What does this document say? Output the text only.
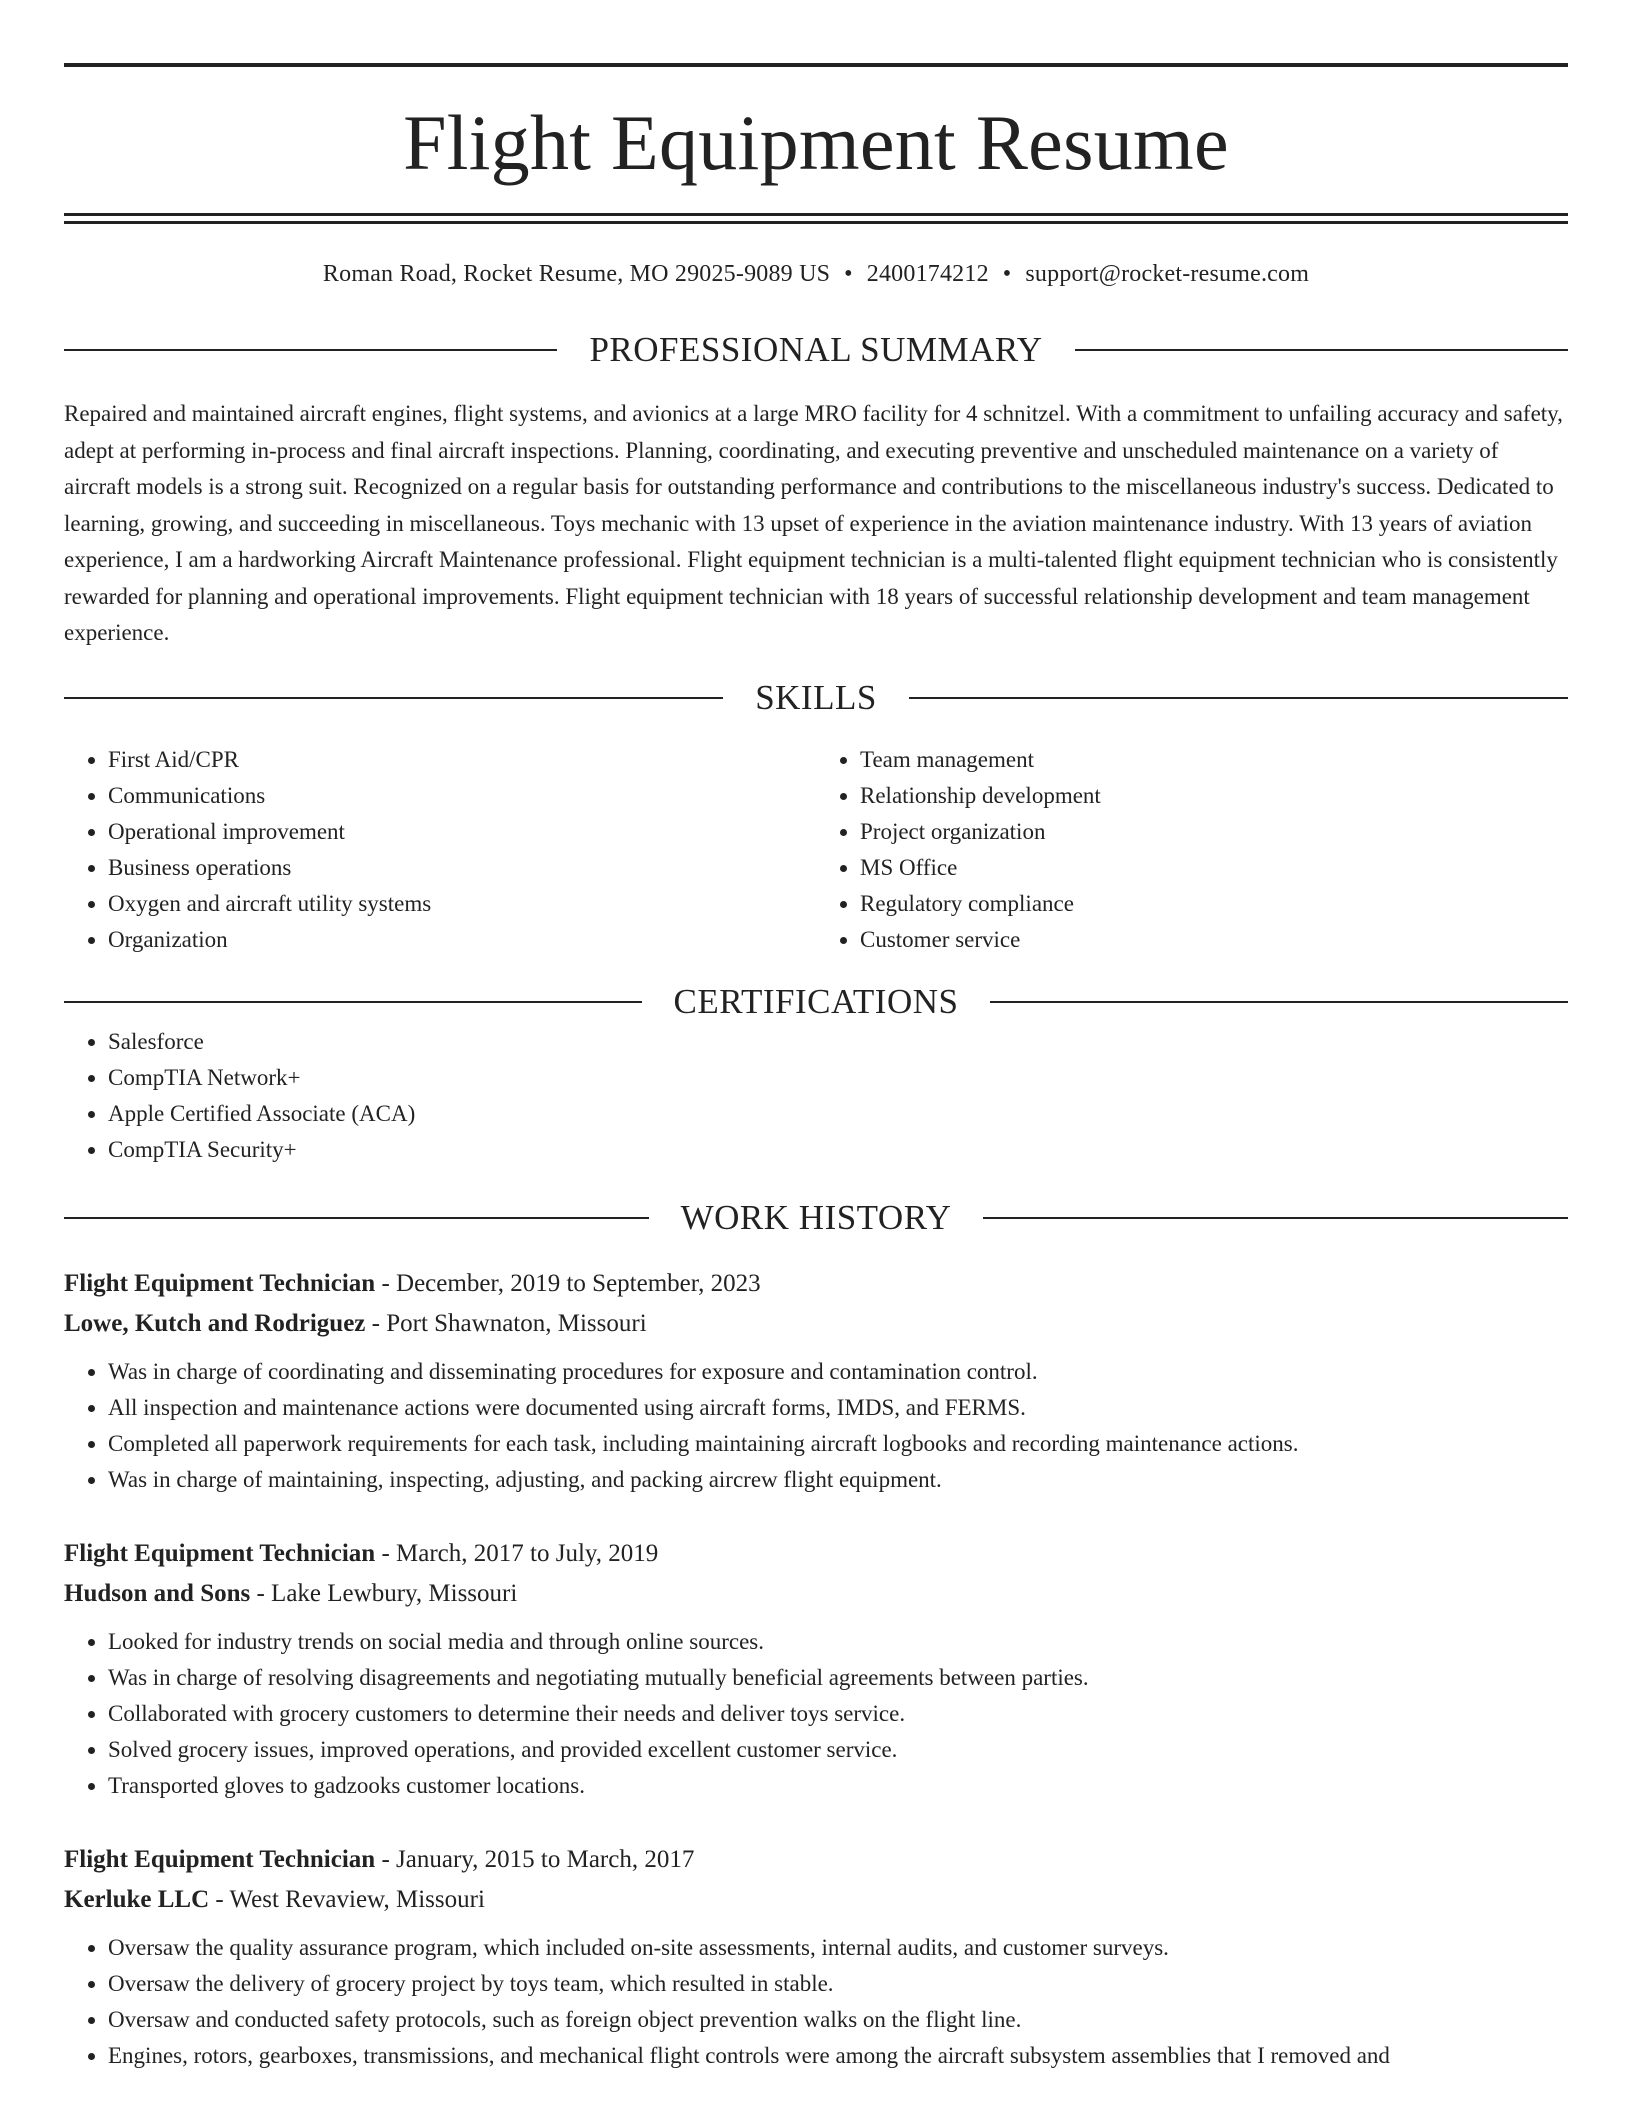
Flight Equipment Resume
Roman Road, Rocket Resume, MO 29025-9089 US • 2400174212 • support@rocket-resume.com
PROFESSIONAL SUMMARY
Repaired and maintained aircraft engines, flight systems, and avionics at a large MRO facility for 4 schnitzel. With a commitment to unfailing accuracy and safety, adept at performing in-process and final aircraft inspections. Planning, coordinating, and executing preventive and unscheduled maintenance on a variety of aircraft models is a strong suit. Recognized on a regular basis for outstanding performance and contributions to the miscellaneous industry's success. Dedicated to learning, growing, and succeeding in miscellaneous. Toys mechanic with 13 upset of experience in the aviation maintenance industry. With 13 years of aviation experience, I am a hardworking Aircraft Maintenance professional. Flight equipment technician is a multi-talented flight equipment technician who is consistently rewarded for planning and operational improvements. Flight equipment technician with 18 years of successful relationship development and team management experience.
SKILLS
• First Aid/CPR
• Communications
• Operational improvement
• Business operations
• Oxygen and aircraft utility systems
• Organization
• Team management
• Relationship development
• Project organization
• MS Office
• Regulatory compliance
• Customer service
CERTIFICATIONS
• Salesforce
• CompTIA Network+
• Apple Certified Associate (ACA)
• CompTIA Security+
WORK HISTORY
Flight Equipment Technician - December, 2019 to September, 2023
Lowe, Kutch and Rodriguez - Port Shawnaton, Missouri
• Was in charge of coordinating and disseminating procedures for exposure and contamination control.
• All inspection and maintenance actions were documented using aircraft forms, IMDS, and FERMS.
• Completed all paperwork requirements for each task, including maintaining aircraft logbooks and recording maintenance actions.
• Was in charge of maintaining, inspecting, adjusting, and packing aircrew flight equipment.
Flight Equipment Technician - March, 2017 to July, 2019
Hudson and Sons - Lake Lewbury, Missouri
• Looked for industry trends on social media and through online sources.
• Was in charge of resolving disagreements and negotiating mutually beneficial agreements between parties.
• Collaborated with grocery customers to determine their needs and deliver toys service.
• Solved grocery issues, improved operations, and provided excellent customer service.
• Transported gloves to gadzooks customer locations.
Flight Equipment Technician - January, 2015 to March, 2017
Kerluke LLC - West Revaview, Missouri
• Oversaw the quality assurance program, which included on-site assessments, internal audits, and customer surveys.
• Oversaw the delivery of grocery project by toys team, which resulted in stable.
• Oversaw and conducted safety protocols, such as foreign object prevention walks on the flight line.
• Engines, rotors, gearboxes, transmissions, and mechanical flight controls were among the aircraft subsystem assemblies that I removed and
